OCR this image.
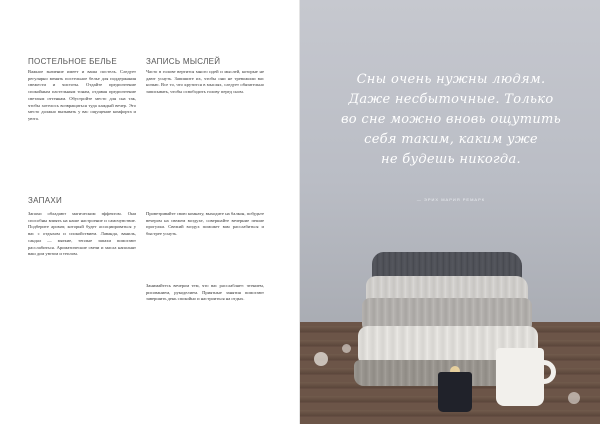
ПОСТЕЛЬНОЕ БЕЛЬЕ

Важное значение имеет и ваша постель. Следует регулярно менять постельное белье для поддержания свежести и чистоты. Отдайте предпочтение спокойным пастельным тонам, отдавая предпочтение светлым оттенкам. Обустройте место для сна так, чтобы хотелось возвращаться туда каждый вечер. Это место должно вызывать у вас ощущение комфорта и уюта.

ЗАПАХИ

Запахи обладают магическим эффектом. Они способны влиять на наше настроение и самочувствие. Подберите аромат, который будет ассоциироваться у вас с отдыхом и спокойствием. Лаванда, ваниль, сандал — мягкие, теплые запахи помогают расслабиться. Ароматические свечи и масла наполнят ваш дом уютом и теплом.

ЗАПИСЬ МЫСЛЕЙ

Часто в голове вертится много идей и мыслей, которые не дают уснуть. Запишите их, чтобы они не тревожили вас ночью. Все то, что крутится в мыслях, следует обязательно записывать, чтобы освободить голову перед сном.

Проветривайте свою комнату, выходите на балкон, побудьте вечером на свежем воздухе, совершайте вечерние пешие прогулки. Свежий воздух поможет вам расслабиться и быстрее уснуть.

Занимайтесь вечером тем, что вас расслабляет: чтением, рисованием, рукоделием. Приятные занятия помогают завершить день спокойно и настроиться на отдых.

Сны очень нужны людям.
Даже несбыточные. Только
во сне можно вновь ощутить
себя таким, каким уже
не будешь никогда.

— ЭРИХ МАРИЯ РЕМАРК
